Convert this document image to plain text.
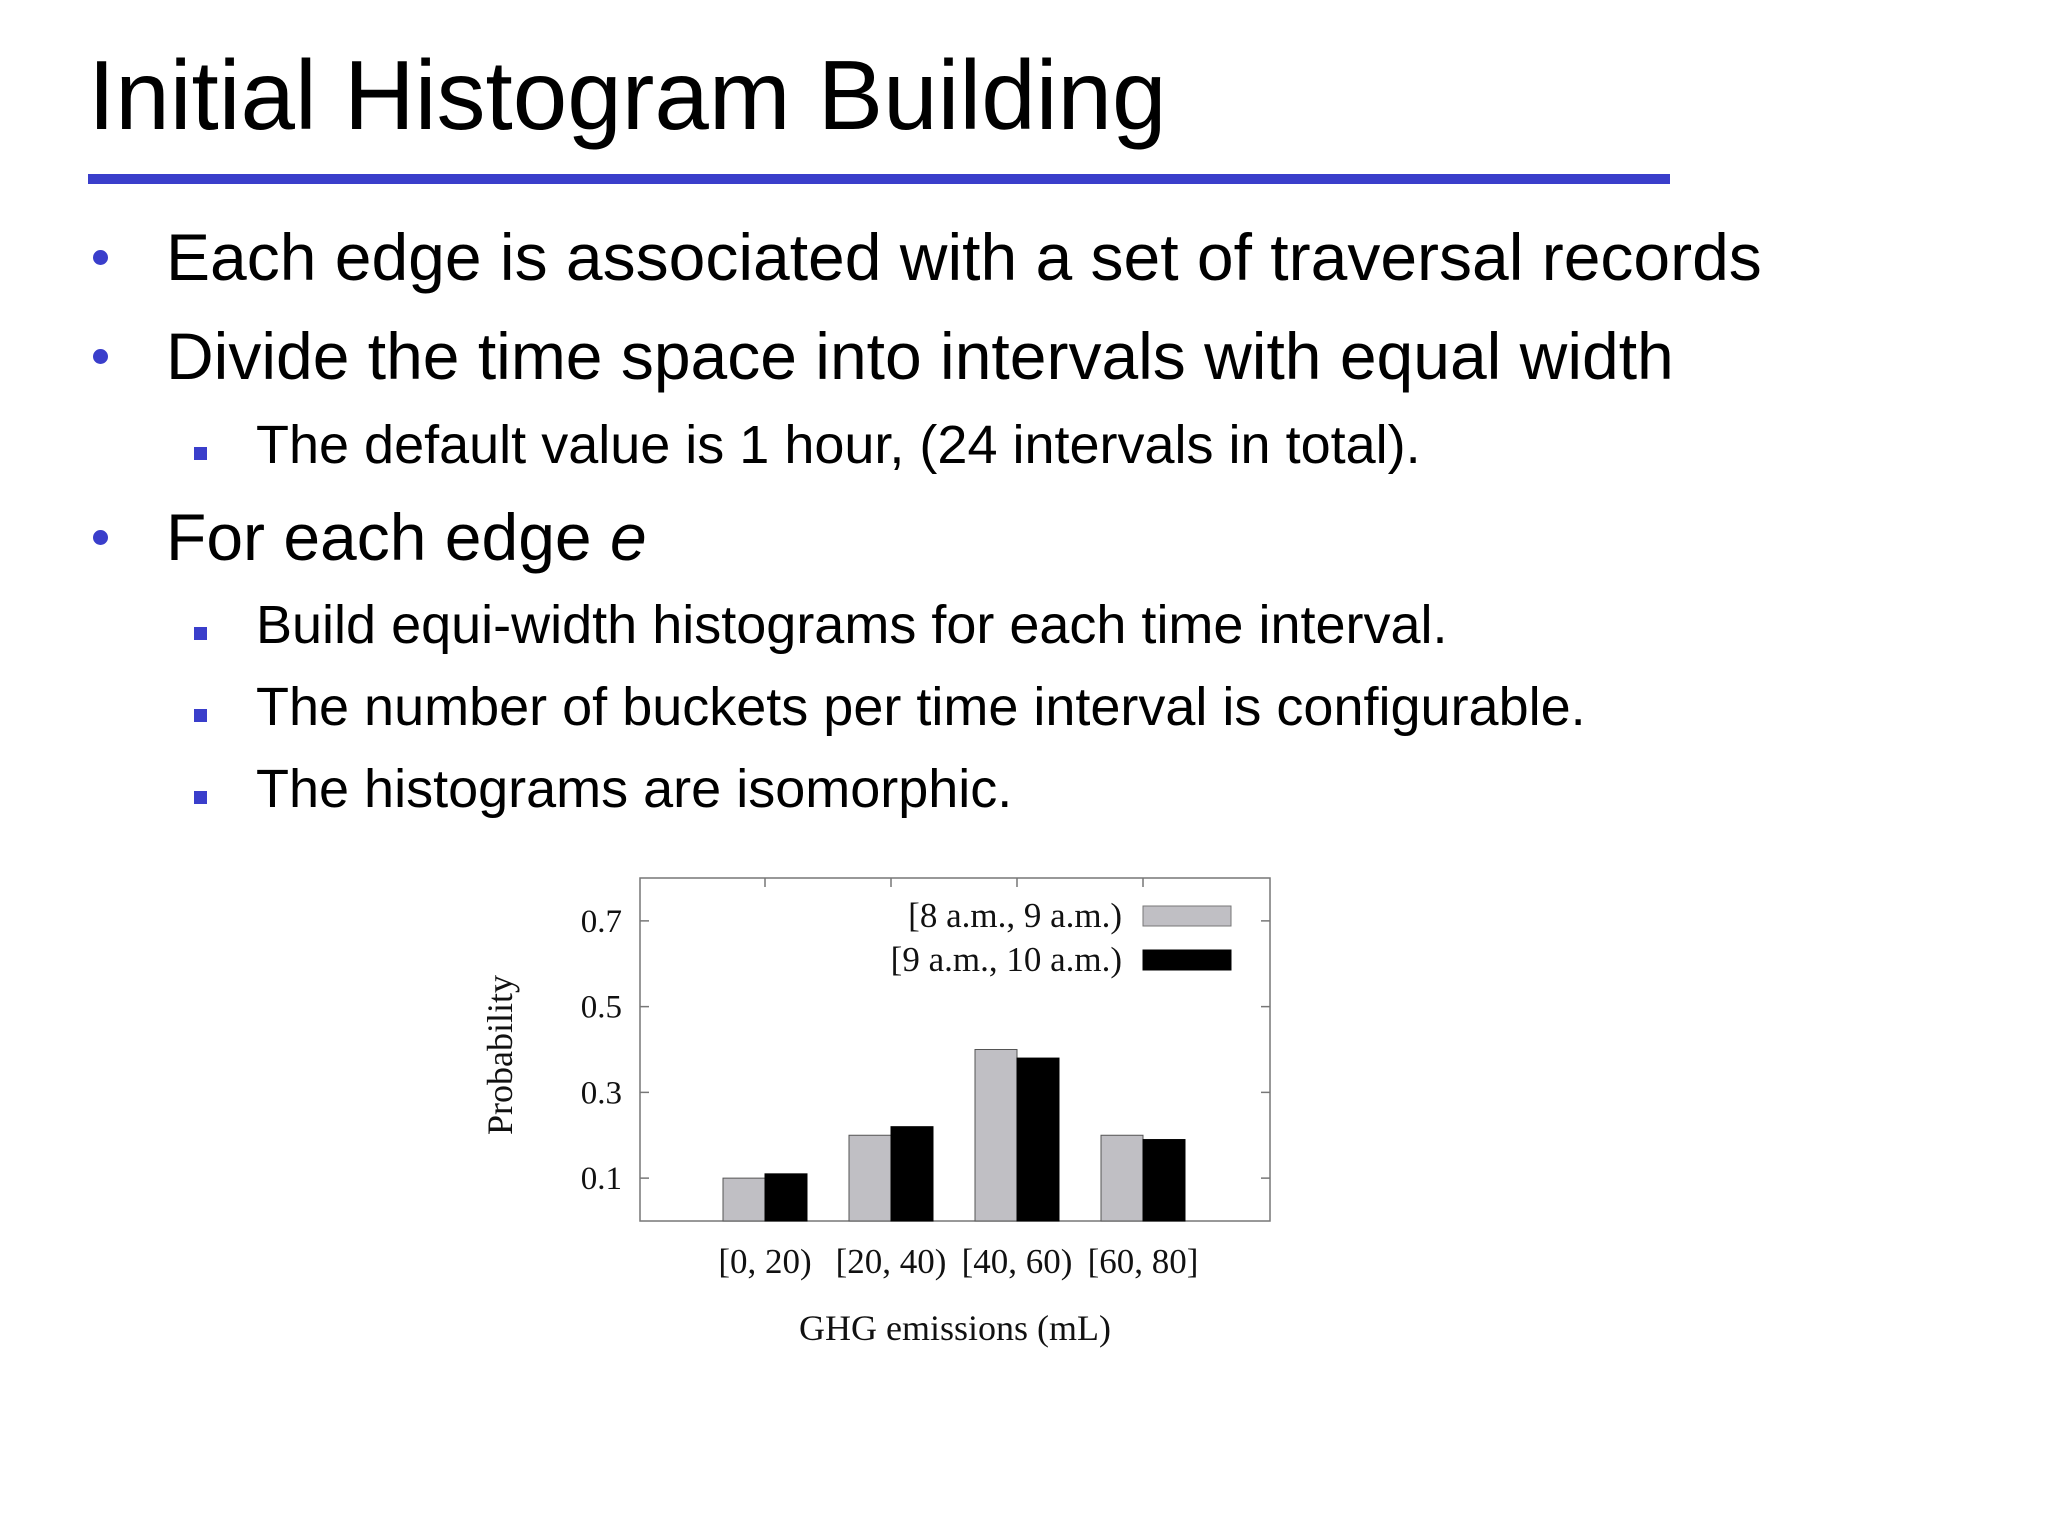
Initial Histogram Building
Each edge is associated with a set of traversal records
Divide the time space into intervals with equal width
The default value is 1 hour, (24 intervals in total).
For each edge e
Build equi-width histograms for each time interval.
The number of buckets per time interval is configurable.
The histograms are isomorphic.
0.1
0.3
0.5
0.7
[0, 20) [20, 40) [40, 60) [60, 80]
[8 a.m., 9 a.m.)
[9 a.m., 10 a.m.)
Probability
GHG emissions (mL)
